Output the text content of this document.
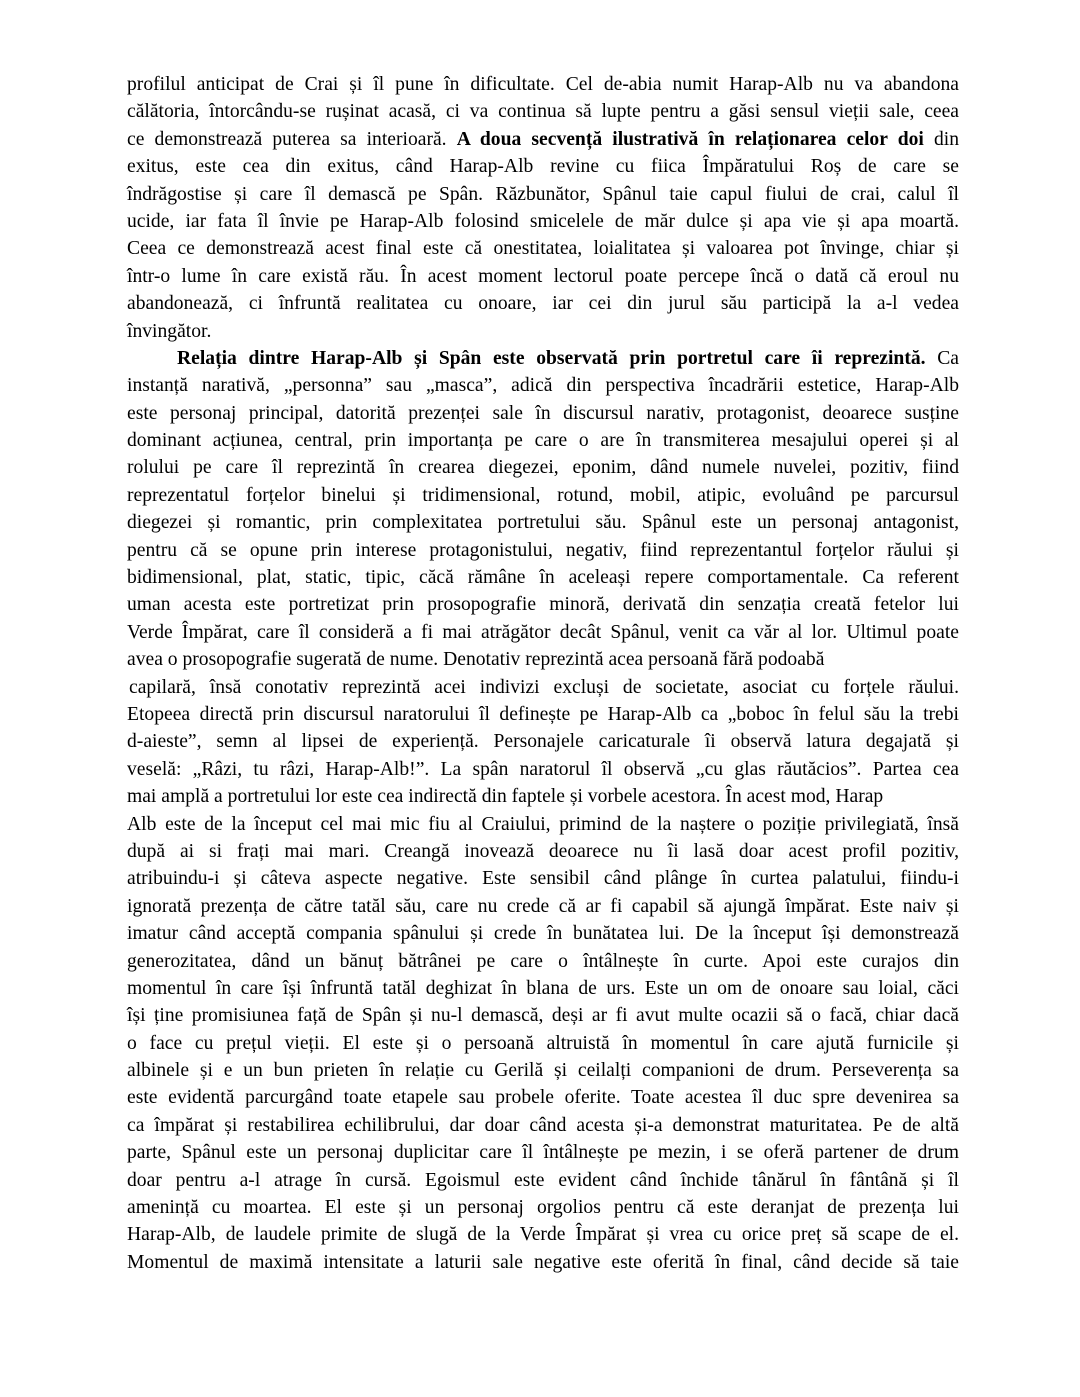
profilul anticipat de Crai și îl pune în dificultate. Cel de-abia numit Harap-Alb nu va abandona
călătoria, întorcându-se rușinat acasă, ci va continua să lupte pentru a găsi sensul vieții sale, ceea
ce demonstrează puterea sa interioară. A doua secvență ilustrativă în relaționarea celor doi din
exitus, este cea din exitus, când Harap-Alb revine cu fiica Împăratului Roș de care se
îndrăgostise și care îl demască pe Spân. Răzbunător, Spânul taie capul fiului de crai, calul îl
ucide, iar fata îl învie pe Harap-Alb folosind smicelele de măr dulce și apa vie și apa moartă.
Ceea ce demonstrează acest final este că onestitatea, loialitatea și valoarea pot învinge, chiar și
într-o lume în care există rău. În acest moment lectorul poate percepe încă o dată că eroul nu
abandonează, ci înfruntă realitatea cu onoare, iar cei din jurul său participă la a-l vedea
învingător.
Relația dintre Harap-Alb și Spân este observată prin portretul care îi reprezintă. Ca
instanță narativă, „personna” sau „masca”, adică din perspectiva încadrării estetice, Harap-Alb
este personaj principal, datorită prezenței sale în discursul narativ, protagonist, deoarece susține
dominant acțiunea, central, prin importanța pe care o are în transmiterea mesajului operei și al
rolului pe care îl reprezintă în crearea diegezei, eponim, dând numele nuvelei, pozitiv, fiind
reprezentatul forțelor binelui și tridimensional, rotund, mobil, atipic, evoluând pe parcursul
diegezei și romantic, prin complexitatea portretului său. Spânul este un personaj antagonist,
pentru că se opune prin interese protagonistului, negativ, fiind reprezentantul forțelor răului și
bidimensional, plat, static, tipic, căcă rămâne în aceleași repere comportamentale. Ca referent
uman acesta este portretizat prin prosopografie minoră, derivată din senzația creată fetelor lui
Verde Împărat, care îl consideră a fi mai atrăgător decât Spânul, venit ca văr al lor. Ultimul poate
avea o prosopografie sugerată de nume. Denotativ reprezintă acea persoană fără podoabă
capilară, însă conotativ reprezintă acei indivizi excluși de societate, asociat cu forțele răului.
Etopeea directă prin discursul naratorului îl definește pe Harap-Alb ca „boboc în felul său la trebi
d-aieste”, semn al lipsei de experiență. Personajele caricaturale îi observă latura degajată și
veselă: „Râzi, tu râzi, Harap-Alb!”. La spân naratorul îl observă „cu glas răutăcios”. Partea cea
mai amplă a portretului lor este cea indirectă din faptele și vorbele acestora. În acest mod, Harap
Alb este de la început cel mai mic fiu al Craiului, primind de la naștere o poziție privilegiată, însă
după ai si frați mai mari. Creangă inovează deoarece nu îi lasă doar acest profil pozitiv,
atribuindu-i și câteva aspecte negative. Este sensibil când plânge în curtea palatului, fiindu-i
ignorată prezența de către tatăl său, care nu crede că ar fi capabil să ajungă împărat. Este naiv și
imatur când acceptă compania spânului și crede în bunătatea lui. De la început își demonstrează
generozitatea, dând un bănuț bătrânei pe care o întâlnește în curte. Apoi este curajos din
momentul în care își înfruntă tatăl deghizat în blana de urs. Este un om de onoare sau loial, căci
își ține promisiunea față de Spân și nu-l demască, deși ar fi avut multe ocazii să o facă, chiar dacă
o face cu prețul vieții. El este și o persoană altruistă în momentul în care ajută furnicile și
albinele și e un bun prieten în relație cu Gerilă și ceilalți companioni de drum. Perseverența sa
este evidentă parcurgând toate etapele sau probele oferite. Toate acestea îl duc spre devenirea sa
ca împărat și restabilirea echilibrului, dar doar când acesta și-a demonstrat maturitatea. Pe de altă
parte, Spânul este un personaj duplicitar care îl întâlnește pe mezin, i se oferă partener de drum
doar pentru a-l atrage în cursă. Egoismul este evident când închide tânărul în fântână și îl
amenință cu moartea. El este și un personaj orgolios pentru că este deranjat de prezența lui
Harap-Alb, de laudele primite de slugă de la Verde Împărat și vrea cu orice preț să scape de el.
Momentul de maximă intensitate a laturii sale negative este oferită în final, când decide să taie
